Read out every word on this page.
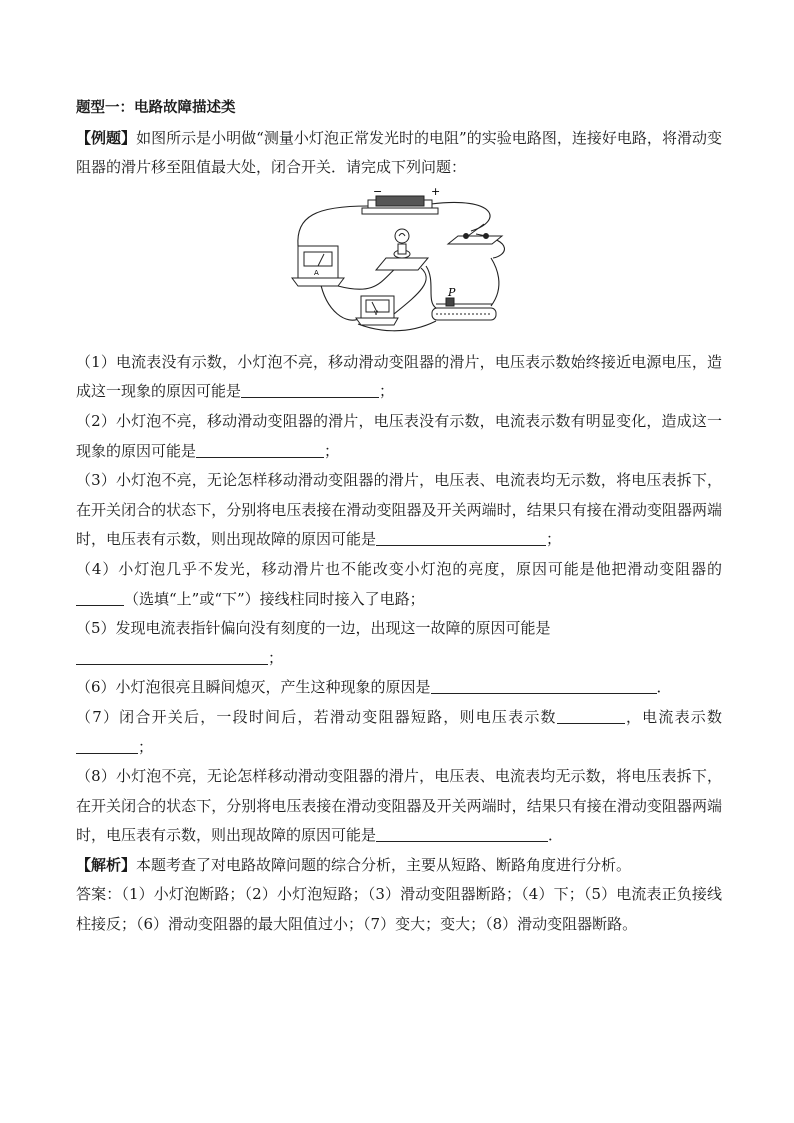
题型一：电路故障描述类

【例题】如图所示是小明做“测量小灯泡正常发光时的电阻”的实验电路图，连接好电路，将滑动变阻器的滑片移至阻值最大处，闭合开关．请完成下列问题：

−	+
A
V
P

（1）电流表没有示数，小灯泡不亮，移动滑动变阻器的滑片，电压表示数始终接近电源电压，造成这一现象的原因可能是	；

（2）小灯泡不亮，移动滑动变阻器的滑片，电压表没有示数，电流表示数有明显变化，造成这一现象的原因可能是	；

（3）小灯泡不亮，无论怎样移动滑动变阻器的滑片，电压表、电流表均无示数，将电压表拆下，在开关闭合的状态下，分别将电压表接在滑动变阻器及开关两端时，结果只有接在滑动变阻器两端时，电压表有示数，则出现故障的原因可能是	；

（4）小灯泡几乎不发光，移动滑片也不能改变小灯泡的亮度，原因可能是他把滑动变阻器的（选填“上”或“下”）接线柱同时接入了电路；

（5）发现电流表指针偏向没有刻度的一边，出现这一故障的原因可能是
；

（6）小灯泡很亮且瞬间熄灭，产生这种现象的原因是	．

（7）闭合开关后，一段时间后，若滑动变阻器短路，则电压表示数	，电流表示数；

（8）小灯泡不亮，无论怎样移动滑动变阻器的滑片，电压表、电流表均无示数，将电压表拆下，在开关闭合的状态下，分别将电压表接在滑动变阻器及开关两端时，结果只有接在滑动变阻器两端时，电压表有示数，则出现故障的原因可能是	．

【解析】本题考查了对电路故障问题的综合分析，主要从短路、断路角度进行分析。

答案：（1）小灯泡断路；（2）小灯泡短路；（3）滑动变阻器断路；（4）下；（5）电流表正负接线柱接反；（6）滑动变阻器的最大阻值过小；（7）变大；变大；（8）滑动变阻器断路。
